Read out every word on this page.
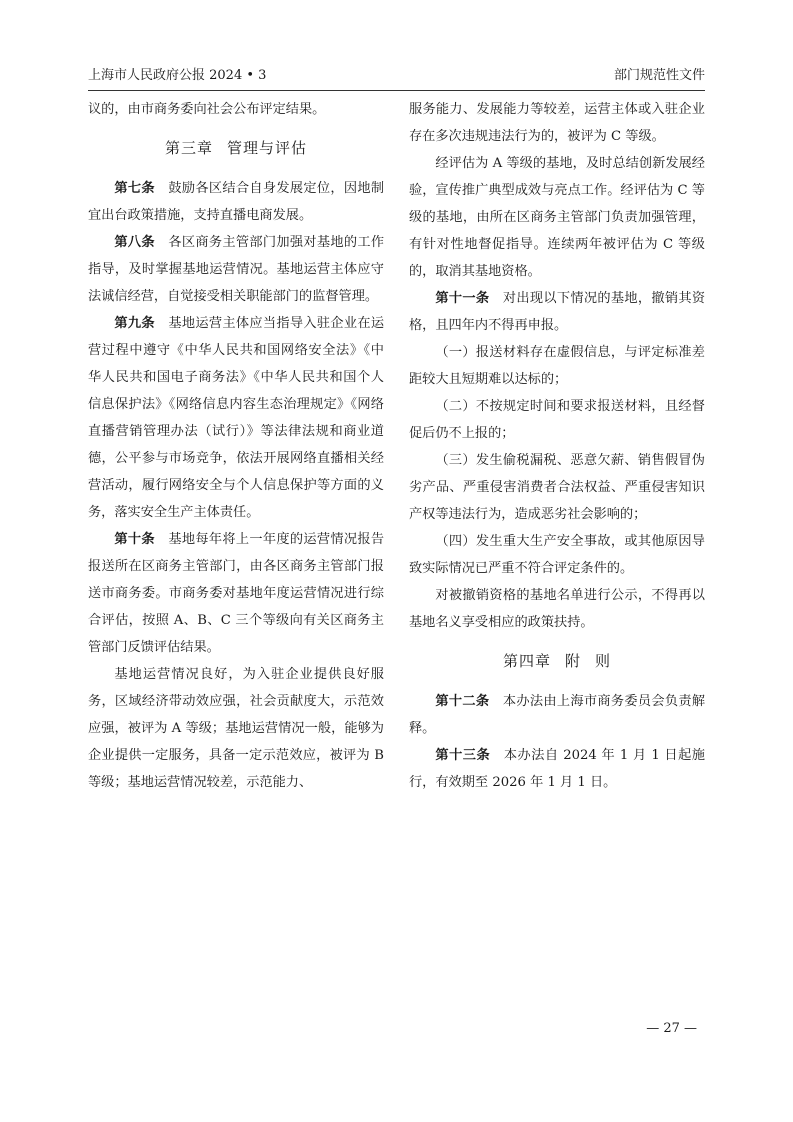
上海市人民政府公报 2024 • 3	部门规范性文件

议的，由市商务委向社会公布评定结果。

第三章 管理与评估

第七条　 鼓励各区结合自身发展定位，因地制宜出台政策措施，支持直播电商发展。

第八条　 各区商务主管部门加强对基地的工作指导，及时掌握基地运营情况。基地运营主体应守法诚信经营，自觉接受相关职能部门的监督管理。

第九条　 基地运营主体应当指导入驻企业在运营过程中遵守《中华人民共和国网络安全法》《中华人民共和国电子商务法》《中华人民共和国个人信息保护法》《网络信息内容生态治理规定》《网络直播营销管理办法（试行）》等法律法规和商业道德，公平参与市场竞争，依法开展网络直播相关经营活动，履行网络安全与个人信息保护等方面的义务，落实安全生产主体责任。

第十条　 基地每年将上一年度的运营情况报告报送所在区商务主管部门，由各区商务主管部门报送市商务委。市商务委对基地年度运营情况进行综合评估，按照 A、B、C 三个等级向有关区商务主管部门反馈评估结果。

基地运营情况良好，为入驻企业提供良好服务，区域经济带动效应强，社会贡献度大，示范效应强，被评为 A 等级；基地运营情况一般，能够为企业提供一定服务，具备一定示范效应，被评为 B 等级；基地运营情况较差，示范能力、

服务能力、发展能力等较差，运营主体或入驻企业存在多次违规违法行为的，被评为 C 等级。

经评估为 A 等级的基地，及时总结创新发展经验，宣传推广典型成效与亮点工作。经评估为 C 等级的基地，由所在区商务主管部门负责加强管理，有针对性地督促指导。连续两年被评估为 C 等级的，取消其基地资格。

第十一条　 对出现以下情况的基地，撤销其资格，且四年内不得再申报。

（一）报送材料存在虚假信息，与评定标准差距较大且短期难以达标的；

（二）不按规定时间和要求报送材料，且经督促后仍不上报的；

（三）发生偷税漏税、恶意欠薪、销售假冒伪劣产品、严重侵害消费者合法权益、严重侵害知识产权等违法行为，造成恶劣社会影响的；

（四）发生重大生产安全事故，或其他原因导致实际情况已严重不符合评定条件的。

对被撤销资格的基地名单进行公示，不得再以基地名义享受相应的政策扶持。

第四章 附 则

第十二条　 本办法由上海市商务委员会负责解释。

第十三条　 本办法自 2024 年 1 月 1 日起施行，有效期至 2026 年 1 月 1 日。

— 27 —
